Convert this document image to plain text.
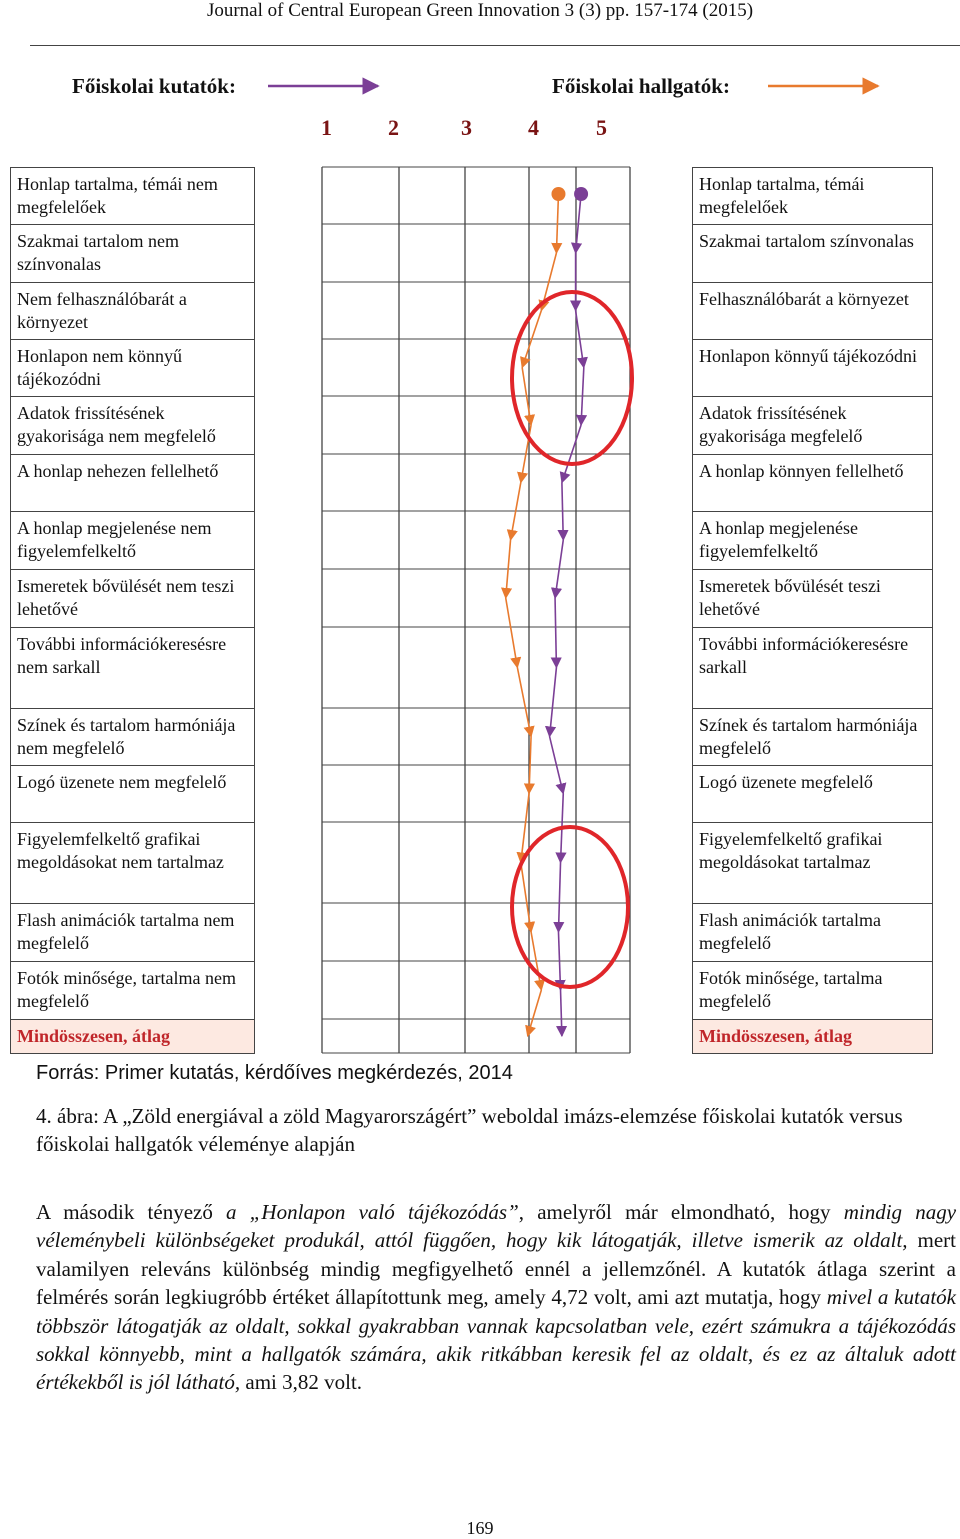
Journal of Central European Green Innovation 3 (3) pp. 157-174 (2015)
Főiskolai kutatók:	Főiskolai hallgatók:
1	2	3	4	5
Honlap tartalma, témái nem megfelelőek
Szakmai tartalom nem színvonalas
Nem felhasználóbarát a környezet
Honlapon nem könnyű tájékozódni
Adatok frissítésének gyakorisága nem megfelelő
A honlap nehezen fellelhető
A honlap megjelenése nem figyelemfelkeltő
Ismeretek bővülését nem teszi lehetővé
További információkeresésre nem sarkall
Színek és tartalom harmóniája nem megfelelő
Logó üzenete nem megfelelő
Figyelemfelkeltő grafikai megoldásokat nem tartalmaz
Flash animációk tartalma nem megfelelő
Fotók minősége, tartalma nem megfelelő
Mindösszesen, átlag
Honlap tartalma, témái megfelelőek
Szakmai tartalom színvonalas
Felhasználóbarát a környezet
Honlapon könnyű tájékozódni
Adatok frissítésének gyakorisága megfelelő
A honlap könnyen fellelhető
A honlap megjelenése figyelemfelkeltő
Ismeretek bővülését teszi lehetővé
További információkeresésre sarkall
Színek és tartalom harmóniája megfelelő
Logó üzenete megfelelő
Figyelemfelkeltő grafikai megoldásokat tartalmaz
Flash animációk tartalma megfelelő
Fotók minősége, tartalma megfelelő
Mindösszesen, átlag
Forrás: Primer kutatás, kérdőíves megkérdezés, 2014
4. ábra: A „Zöld energiával a zöld Magyarországért” weboldal imázs-elemzése főiskolai kutatók versus főiskolai hallgatók véleménye alapján
A második tényező a „Honlapon való tájékozódás”, amelyről már elmondható, hogy mindig nagy véleménybeli különbségeket produkál, attól függően, hogy kik látogatják, illetve ismerik az oldalt, mert valamilyen releváns különbség mindig megfigyelhető ennél a jellemzőnél. A kutatók átlaga szerint a felmérés során legkiugróbb értéket állapítottunk meg, amely 4,72 volt, ami azt mutatja, hogy mivel a kutatók többször látogatják az oldalt, sokkal gyakrabban vannak kapcsolatban vele, ezért számukra a tájékozódás sokkal könnyebb, mint a hallgatók számára, akik ritkábban keresik fel az oldalt, és ez az általuk adott értékekből is jól látható, ami 3,82 volt.
169
